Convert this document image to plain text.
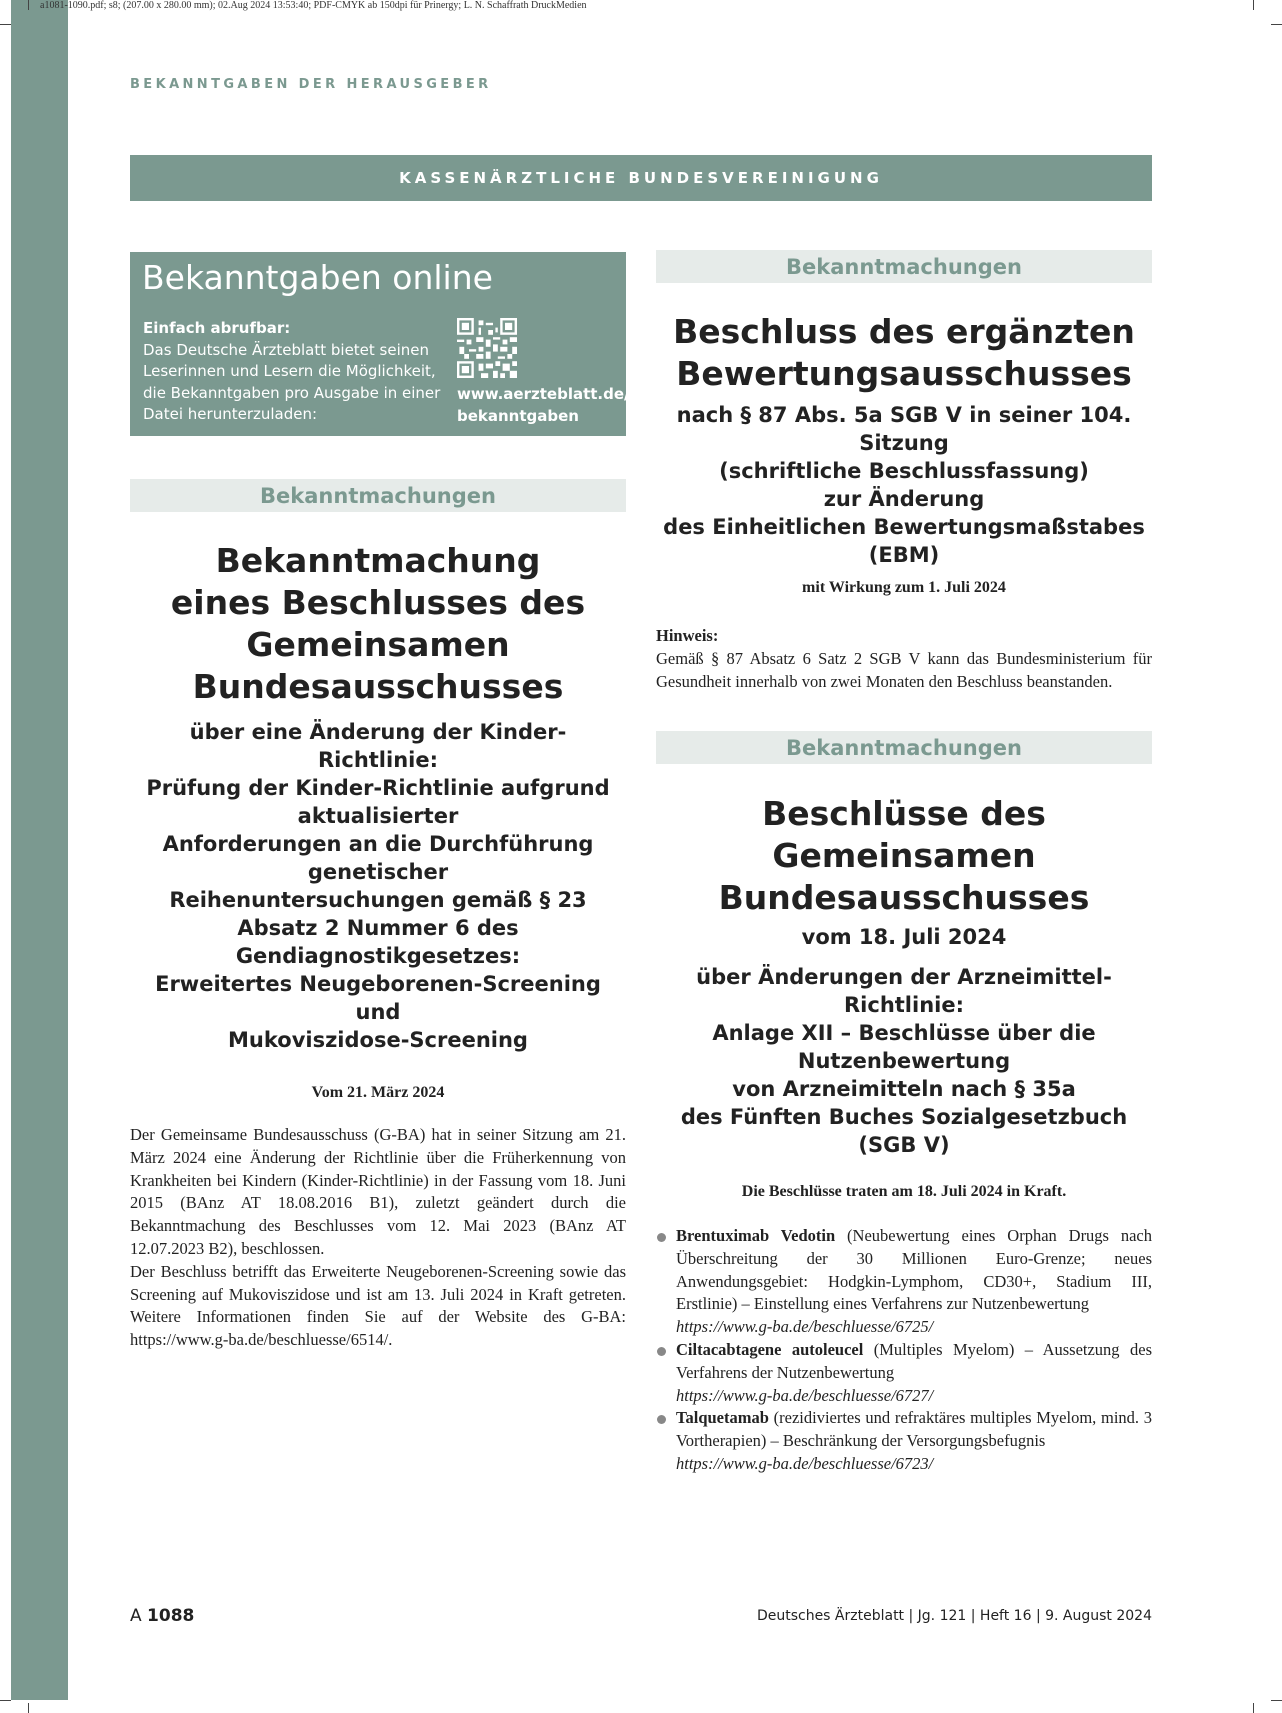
a1081-1090.pdf; s8; (207.00 x 280.00 mm); 02.Aug 2024 13:53:40; PDF-CMYK ab 150dpi für Prinergy; L. N. Schaffrath DruckMedien
BEKANNTGABEN DER HERAUSGEBER
KASSENÄRZTLICHE BUNDESVEREINIGUNG
Bekanntgaben online
Einfach abrufbar:
Das Deutsche Ärzteblatt bietet seinen Leserinnen und Lesern die Möglichkeit, die Bekanntgaben pro Ausgabe in einer Datei herunterzuladen:
www.aerzteblatt.de/
bekanntgaben
Bekanntmachungen
Bekanntmachung
eines Beschlusses des
Gemeinsamen Bundesausschusses
über eine Änderung der Kinder-Richtlinie:
Prüfung der Kinder-Richtlinie aufgrund aktualisierter
Anforderungen an die Durchführung genetischer
Reihenuntersuchungen gemäß § 23
Absatz 2 Nummer 6 des Gendiagnostikgesetzes:
Erweitertes Neugeborenen-Screening und
Mukoviszidose-Screening
Vom 21. März 2024

Der Gemeinsame Bundesausschuss (G-BA) hat in seiner Sitzung am 21. März 2024 eine Änderung der Richtlinie über die Früherkennung von Krankheiten bei Kindern (Kinder-Richtlinie) in der Fassung vom 18. Juni 2015 (BAnz AT 18.08.2016 B1), zuletzt geändert durch die Bekanntmachung des Beschlusses vom 12. Mai 2023 (BAnz AT 12.07.2023 B2), beschlossen.

Der Beschluss betrifft das Erweiterte Neugeborenen-Screening sowie das Screening auf Mukoviszidose und ist am 13. Juli 2024 in Kraft getreten. Weitere Informationen finden Sie auf der Website des G-BA: https://www.g-ba.de/beschluesse/6514/.

Bekanntmachungen
Beschluss des ergänzten
Bewertungsausschusses
nach § 87 Abs. 5a SGB V in seiner 104. Sitzung
(schriftliche Beschlussfassung)
zur Änderung
des Einheitlichen Bewertungsmaßstabes (EBM)
mit Wirkung zum 1. Juli 2024
Hinweis:

Gemäß § 87 Absatz 6 Satz 2 SGB V kann das Bundesministerium für Gesundheit innerhalb von zwei Monaten den Beschluss beanstanden.

Bekanntmachungen
Beschlüsse des Gemeinsamen
Bundesausschusses
vom 18. Juli 2024
über Änderungen der Arzneimittel-Richtlinie:
Anlage XII – Beschlüsse über die Nutzenbewertung
von Arzneimitteln nach § 35a
des Fünften Buches Sozialgesetzbuch (SGB V)
Die Beschlüsse traten am 18. Juli 2024 in Kraft.
Brentuximab Vedotin (Neubewertung eines Orphan Drugs nach Überschreitung der 30 Millionen Euro-Grenze; neues Anwendungsgebiet: Hodgkin-Lymphom, CD30+, Stadium III, Erstlinie) – Einstellung eines Verfahrens zur Nutzenbewertung
https://www.g-ba.de/beschluesse/6725/
Ciltacabtagene autoleucel (Multiples Myelom) – Aussetzung des Verfahrens der Nutzenbewertung
https://www.g-ba.de/beschluesse/6727/
Talquetamab (rezidiviertes und refraktäres multiples Myelom, mind. 3 Vortherapien) – Beschränkung der Versorgungsbefugnis
https://www.g-ba.de/beschluesse/6723/
A 1088	Deutsches Ärzteblatt | Jg. 121 | Heft 16 | 9. August 2024
